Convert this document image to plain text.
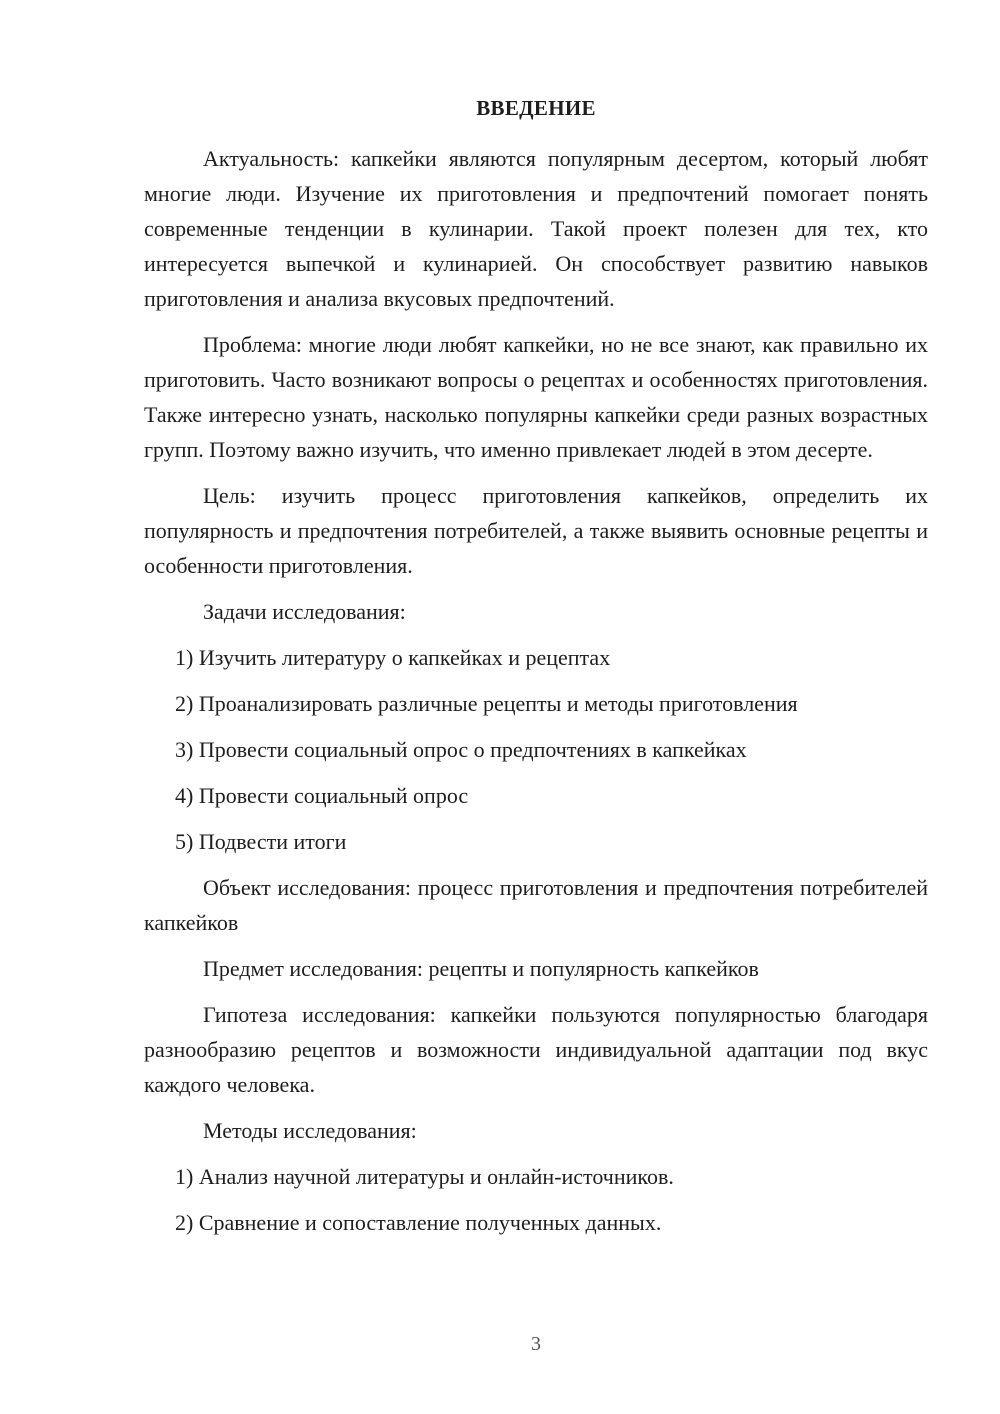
ВВЕДЕНИЕ

Актуальность: капкейки являются популярным десертом, который любят многие люди. Изучение их приготовления и предпочтений помогает понять современные тенденции в кулинарии. Такой проект полезен для тех, кто интересуется выпечкой и кулинарией. Он способствует развитию навыков приготовления и анализа вкусовых предпочтений.

Проблема: многие люди любят капкейки, но не все знают, как правильно их приготовить. Часто возникают вопросы о рецептах и особенностях приготовления. Также интересно узнать, насколько популярны капкейки среди разных возрастных групп. Поэтому важно изучить, что именно привлекает людей в этом десерте.

Цель: изучить процесс приготовления капкейков, определить их популярность и предпочтения потребителей, а также выявить основные рецепты и особенности приготовления.

Задачи исследования:

1) Изучить литературу о капкейках и рецептах
2) Проанализировать различные рецепты и методы приготовления
3) Провести социальный опрос о предпочтениях в капкейках
4) Провести социальный опрос
5) Подвести итоги

Объект исследования: процесс приготовления и предпочтения потребителей капкейков

Предмет исследования: рецепты и популярность капкейков

Гипотеза исследования: капкейки пользуются популярностью благодаря разнообразию рецептов и возможности индивидуальной адаптации под вкус каждого человека.

Методы исследования:

1) Анализ научной литературы и онлайн-источников.
2) Сравнение и сопоставление полученных данных.
3
